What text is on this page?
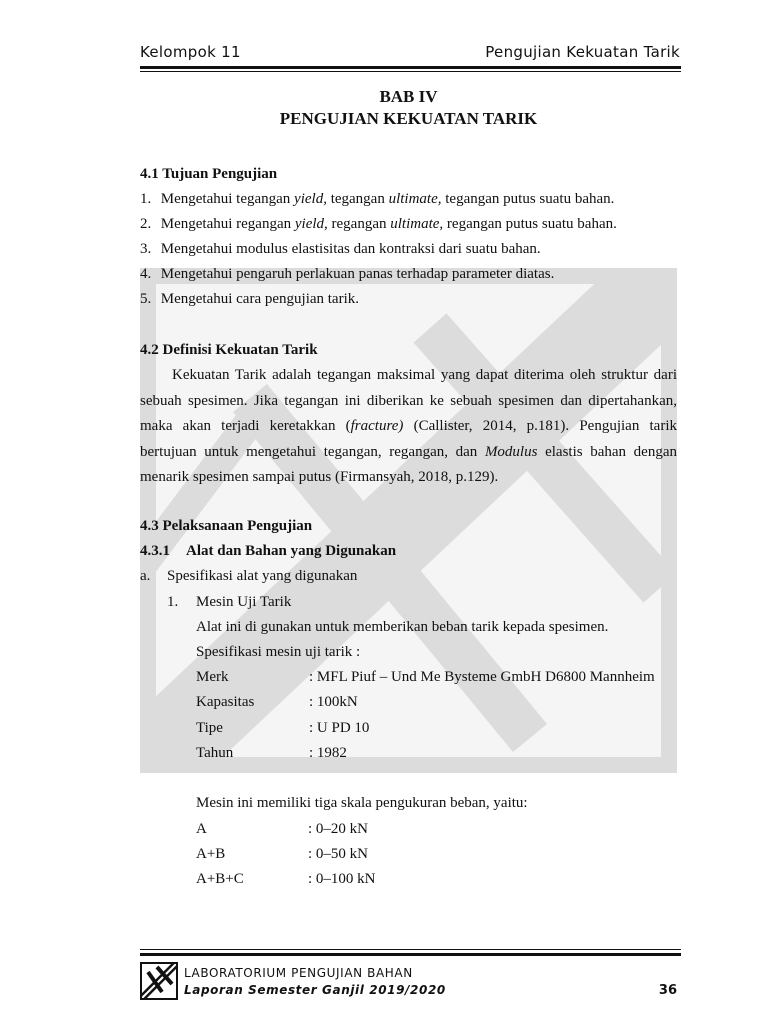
Kelompok 11	Pengujian Kekuatan Tarik
BAB IV
PENGUJIAN KEKUATAN TARIK
4.1 Tujuan Pengujian
1. Mengetahui tegangan yield, tegangan ultimate, tegangan putus suatu bahan.
2. Mengetahui regangan yield, regangan ultimate, regangan putus suatu bahan.
3. Mengetahui modulus elastisitas dan kontraksi dari suatu bahan.
4. Mengetahui pengaruh perlakuan panas terhadap parameter diatas.
5. Mengetahui cara pengujian tarik.
4.2 Definisi Kekuatan Tarik
Kekuatan Tarik adalah tegangan maksimal yang dapat diterima oleh struktur dari sebuah spesimen. Jika tegangan ini diberikan ke sebuah spesimen dan dipertahankan, maka akan terjadi keretakkan (fracture) (Callister, 2014, p.181). Pengujian tarik bertujuan untuk mengetahui tegangan, regangan, dan Modulus elastis bahan dengan menarik spesimen sampai putus (Firmansyah, 2018, p.129).
4.3 Pelaksanaan Pengujian
4.3.1 Alat dan Bahan yang Digunakan
a. Spesifikasi alat yang digunakan
1. Mesin Uji Tarik
Alat ini di gunakan untuk memberikan beban tarik kepada spesimen.
Spesifikasi mesin uji tarik :
Merk	: MFL Piuf – Und Me Bysteme GmbH D6800 Mannheim
Kapasitas	: 100kN
Tipe	: U PD 10
Tahun	: 1982
Mesin ini memiliki tiga skala pengukuran beban, yaitu:
A	: 0–20 kN
A+B	: 0–50 kN
A+B+C	: 0–100 kN
LABORATORIUM PENGUJIAN BAHAN
Laporan Semester Ganjil 2019/2020	36
